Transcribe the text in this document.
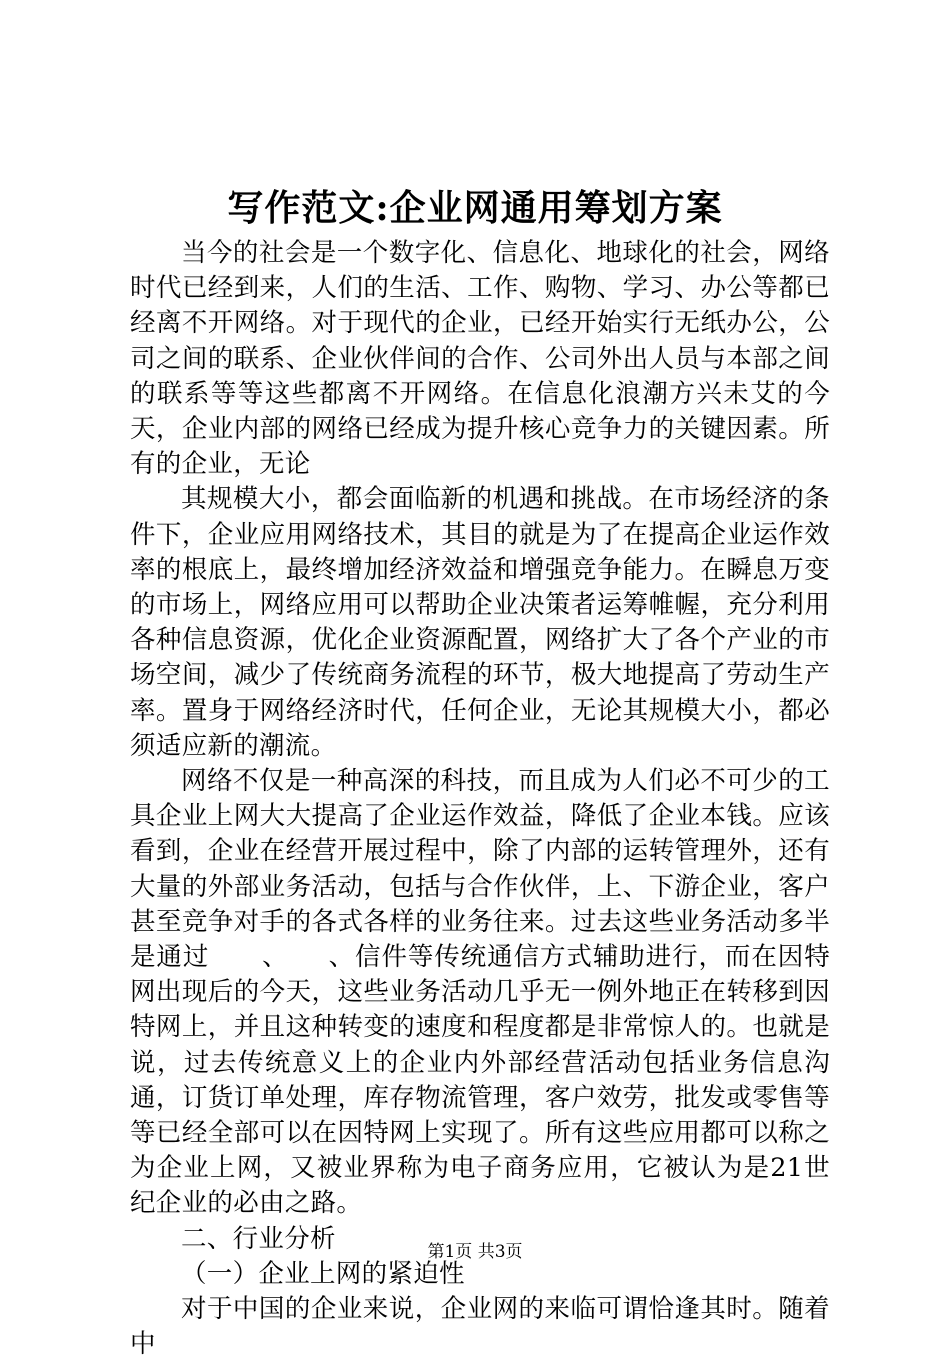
写作范文:企业网通用筹划方案

当今的社会是一个数字化、信息化、地球化的社会，网络时代已经到来，人们的生活、工作、购物、学习、办公等都已经离不开网络。对于现代的企业，已经开始实行无纸办公，公司之间的联系、企业伙伴间的合作、公司外出人员与本部之间的联系等等这些都离不开网络。在信息化浪潮方兴未艾的今天，企业内部的网络已经成为提升核心竞争力的关键因素。所有的企业，无论

其规模大小，都会面临新的机遇和挑战。在市场经济的条件下，企业应用网络技术，其目的就是为了在提高企业运作效率的根底上，最终增加经济效益和增强竞争能力。在瞬息万变的市场上，网络应用可以帮助企业决策者运筹帷幄，充分利用各种信息资源，优化企业资源配置，网络扩大了各个产业的市场空间，减少了传统商务流程的环节，极大地提高了劳动生产率。置身于网络经济时代，任何企业，无论其规模大小，都必须适应新的潮流。

网络不仅是一种高深的科技，而且成为人们必不可少的工具企业上网大大提高了企业运作效益，降低了企业本钱。应该看到，企业在经营开展过程中，除了内部的运转管理外，还有大量的外部业务活动，包括与合作伙伴，上、下游企业，客户甚至竞争对手的各式各样的业务往来。过去这些业务活动多半是通过　　、　　、信件等传统通信方式辅助进行，而在因特网出现后的今天，这些业务活动几乎无一例外地正在转移到因特网上，并且这种转变的速度和程度都是非常惊人的。也就是说，过去传统意义上的企业内外部经营活动包括业务信息沟通，订货订单处理，库存物流管理，客户效劳，批发或零售等等已经全部可以在因特网上实现了。所有这些应用都可以称之为企业上网，又被业界称为电子商务应用，它被认为是21世纪企业的必由之路。

二、行业分析

（一）企业上网的紧迫性

对于中国的企业来说，企业网的来临可谓恰逢其时。随着中

第1页 共3页
